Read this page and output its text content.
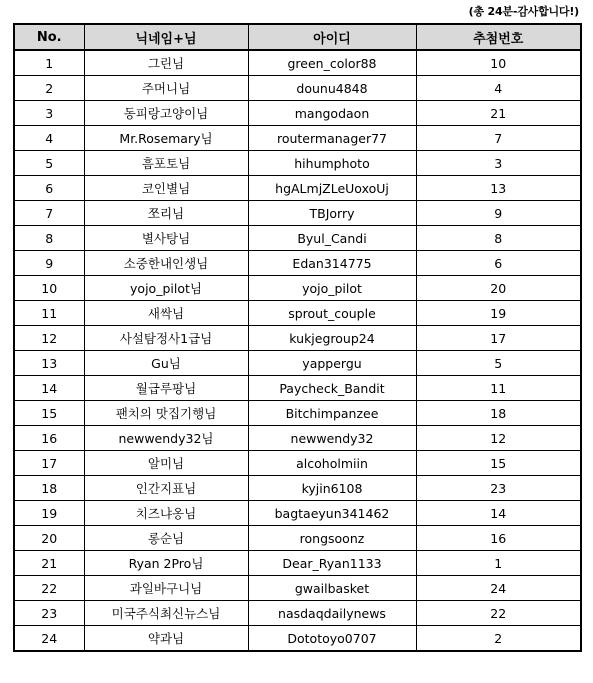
(총 24분-감사합니다!)
No.	닉네임+님	아이디	추첨번호
1	그린님	green_color88	10
2	주머니님	dounu4848	4
3	동피랑고양이님	mangodaon	21
4	Mr.Rosemary님	routermanager77	7
5	흠포토님	hihumphoto	3
6	코인별님	hgALmjZLeUoxoUj	13
7	쪼리님	TBJorry	9
8	별사탕님	Byul_Candi	8
9	소중한내인생님	Edan314775	6
10	yojo_pilot님	yojo_pilot	20
11	새싹님	sprout_couple	19
12	사설탐정사1급님	kukjegroup24	17
13	Gu님	yappergu	5
14	월급루팡님	Paycheck_Bandit	11
15	팬치의 맛집기행님	Bitchimpanzee	18
16	newwendy32님	newwendy32	12
17	알미님	alcoholmiin	15
18	인간지표님	kyjin6108	23
19	치즈냐옹님	bagtaeyun341462	14
20	롱순님	rongsoonz	16
21	Ryan 2Pro님	Dear_Ryan1133	1
22	과일바구니님	gwailbasket	24
23	미국주식최신뉴스님	nasdaqdailynews	22
24	약과님	Dototoyo0707	2
